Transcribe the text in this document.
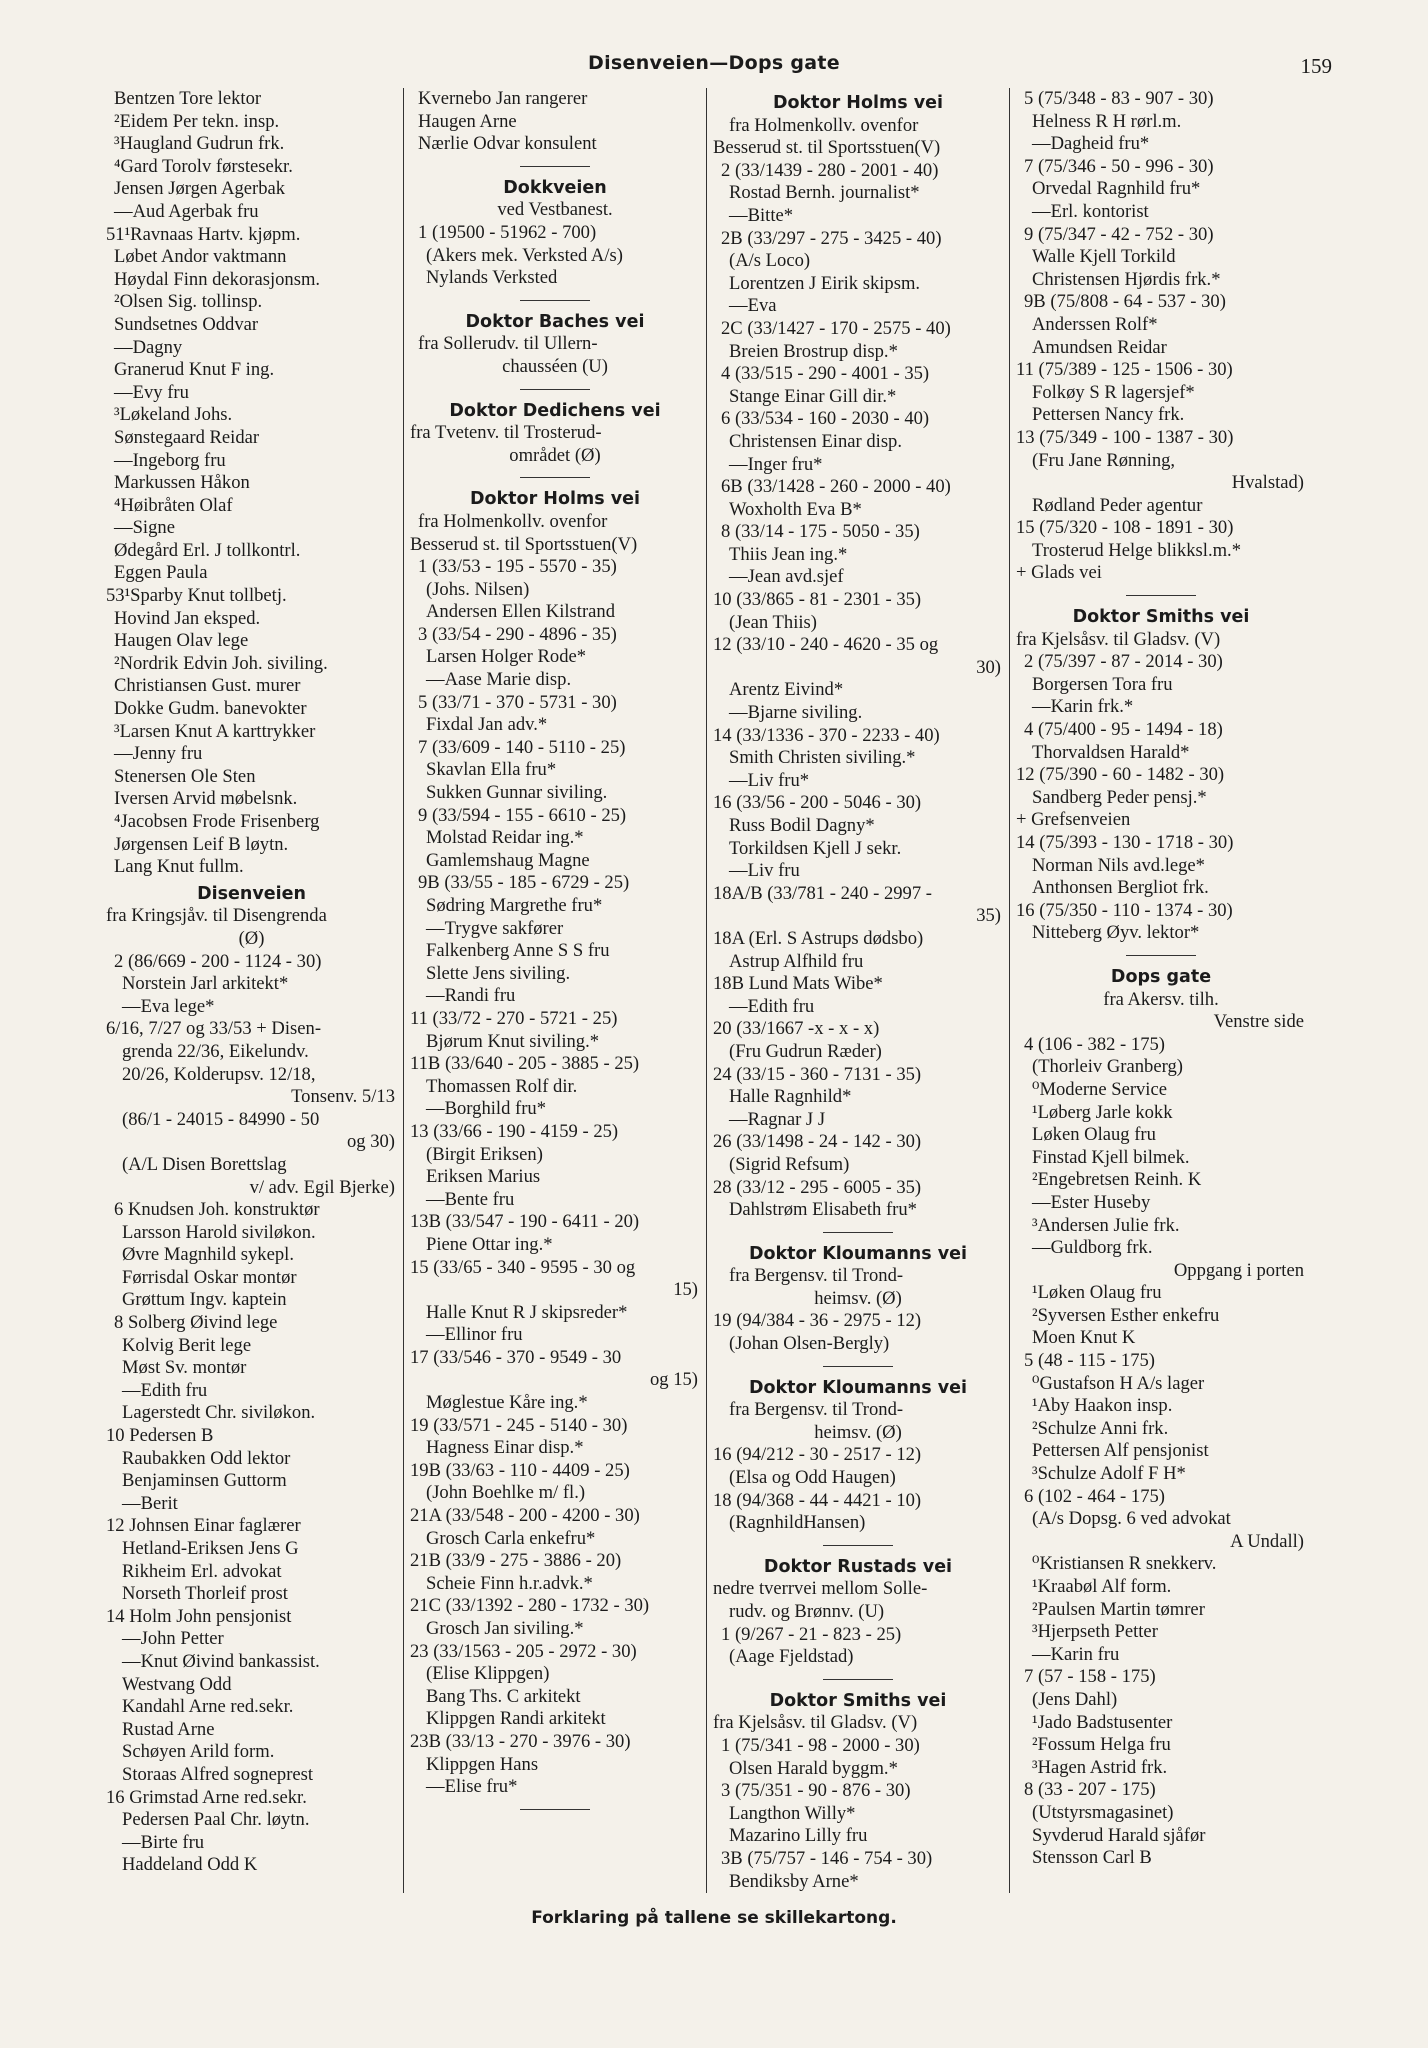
Disenveien—Dops gate	159
Bentzen Tore lektor
²Eidem Per tekn. insp.
³Haugland Gudrun frk.
⁴Gard Torolv førstesekr.
Jensen Jørgen Agerbak
—Aud Agerbak fru
51¹Ravnaas Hartv. kjøpm.
Løbet Andor vaktmann
Høydal Finn dekorasjonsm.
²Olsen Sig. tollinsp.
Sundsetnes Oddvar
—Dagny
Granerud Knut F ing.
—Evy fru
³Løkeland Johs.
Sønstegaard Reidar
—Ingeborg fru
Markussen Håkon
⁴Høibråten Olaf
—Signe
Ødegård Erl. J tollkontrl.
Eggen Paula
53¹Sparby Knut tollbetj.
Hovind Jan eksped.
Haugen Olav lege
²Nordrik Edvin Joh. siviling.
Christiansen Gust. murer
Dokke Gudm. banevokter
³Larsen Knut A karttrykker
—Jenny fru
Stenersen Ole Sten
Iversen Arvid møbelsnk.
⁴Jacobsen Frode Frisenberg
Jørgensen Leif B løytn.
Lang Knut fullm.
Disenveien
fra Kringsjåv. til Disengrenda
(Ø)
2 (86/669 - 200 - 1124 - 30)
Norstein Jarl arkitekt*
—Eva lege*
6/16, 7/27 og 33/53 + Disen-
grenda 22/36, Eikelundv.
20/26, Kolderupsv. 12/18,
Tonsenv. 5/13
(86/1 - 24015 - 84990 - 50
og 30)
(A/L Disen Borettslag
v/ adv. Egil Bjerke)
6 Knudsen Joh. konstruktør
Larsson Harold siviløkon.
Øvre Magnhild sykepl.
Førrisdal Oskar montør
Grøttum Ingv. kaptein
8 Solberg Øivind lege
Kolvig Berit lege
Møst Sv. montør
—Edith fru
Lagerstedt Chr. siviløkon.
10 Pedersen B
Raubakken Odd lektor
Benjaminsen Guttorm
—Berit
12 Johnsen Einar faglærer
Hetland-Eriksen Jens G
Rikheim Erl. advokat
Norseth Thorleif prost
14 Holm John pensjonist
—John Petter
—Knut Øivind bankassist.
Westvang Odd
Kandahl Arne red.sekr.
Rustad Arne
Schøyen Arild form.
Storaas Alfred sogneprest
16 Grimstad Arne red.sekr.
Pedersen Paal Chr. løytn.
—Birte fru
Haddeland Odd K
Kvernebo Jan rangerer
Haugen Arne
Nærlie Odvar konsulent
Dokkveien
ved Vestbanest.
1 (19500 - 51962 - 700)
(Akers mek. Verksted A/s)
Nylands Verksted
Doktor Baches vei
fra Sollerudv. til Ullern-
chausséen (U)
Doktor Dedichens vei
fra Tvetenv. til Trosterud-
området (Ø)
Doktor Holms vei
fra Holmenkollv. ovenfor
Besserud st. til Sportsstuen(V)
1 (33/53 - 195 - 5570 - 35)
(Johs. Nilsen)
Andersen Ellen Kilstrand
3 (33/54 - 290 - 4896 - 35)
Larsen Holger Rode*
—Aase Marie disp.
5 (33/71 - 370 - 5731 - 30)
Fixdal Jan adv.*
7 (33/609 - 140 - 5110 - 25)
Skavlan Ella fru*
Sukken Gunnar siviling.
9 (33/594 - 155 - 6610 - 25)
Molstad Reidar ing.*
Gamlemshaug Magne
9B (33/55 - 185 - 6729 - 25)
Sødring Margrethe fru*
—Trygve sakfører
Falkenberg Anne S S fru
Slette Jens siviling.
—Randi fru
11 (33/72 - 270 - 5721 - 25)
Bjørum Knut siviling.*
11B (33/640 - 205 - 3885 - 25)
Thomassen Rolf dir.
—Borghild fru*
13 (33/66 - 190 - 4159 - 25)
(Birgit Eriksen)
Eriksen Marius
—Bente fru
13B (33/547 - 190 - 6411 - 20)
Piene Ottar ing.*
15 (33/65 - 340 - 9595 - 30 og
15)
Halle Knut R J skipsreder*
—Ellinor fru
17 (33/546 - 370 - 9549 - 30
og 15)
Møglestue Kåre ing.*
19 (33/571 - 245 - 5140 - 30)
Hagness Einar disp.*
19B (33/63 - 110 - 4409 - 25)
(John Boehlke m/ fl.)
21A (33/548 - 200 - 4200 - 30)
Grosch Carla enkefru*
21B (33/9 - 275 - 3886 - 20)
Scheie Finn h.r.advk.*
21C (33/1392 - 280 - 1732 - 30)
Grosch Jan siviling.*
23 (33/1563 - 205 - 2972 - 30)
(Elise Klippgen)
Bang Ths. C arkitekt
Klippgen Randi arkitekt
23B (33/13 - 270 - 3976 - 30)
Klippgen Hans
—Elise fru*
Doktor Holms vei
fra Holmenkollv. ovenfor
Besserud st. til Sportsstuen(V)
2 (33/1439 - 280 - 2001 - 40)
Rostad Bernh. journalist*
—Bitte*
2B (33/297 - 275 - 3425 - 40)
(A/s Loco)
Lorentzen J Eirik skipsm.
—Eva
2C (33/1427 - 170 - 2575 - 40)
Breien Brostrup disp.*
4 (33/515 - 290 - 4001 - 35)
Stange Einar Gill dir.*
6 (33/534 - 160 - 2030 - 40)
Christensen Einar disp.
—Inger fru*
6B (33/1428 - 260 - 2000 - 40)
Woxholth Eva B*
8 (33/14 - 175 - 5050 - 35)
Thiis Jean ing.*
—Jean avd.sjef
10 (33/865 - 81 - 2301 - 35)
(Jean Thiis)
12 (33/10 - 240 - 4620 - 35 og
30)
Arentz Eivind*
—Bjarne siviling.
14 (33/1336 - 370 - 2233 - 40)
Smith Christen siviling.*
—Liv fru*
16 (33/56 - 200 - 5046 - 30)
Russ Bodil Dagny*
Torkildsen Kjell J sekr.
—Liv fru
18A/B (33/781 - 240 - 2997 -
35)
18A (Erl. S Astrups dødsbo)
Astrup Alfhild fru
18B Lund Mats Wibe*
—Edith fru
20 (33/1667 -x - x - x)
(Fru Gudrun Ræder)
24 (33/15 - 360 - 7131 - 35)
Halle Ragnhild*
—Ragnar J J
26 (33/1498 - 24 - 142 - 30)
(Sigrid Refsum)
28 (33/12 - 295 - 6005 - 35)
Dahlstrøm Elisabeth fru*
Doktor Kloumanns vei
fra Bergensv. til Trond-
heimsv. (Ø)
19 (94/384 - 36 - 2975 - 12)
(Johan Olsen-Bergly)
Doktor Kloumanns vei
fra Bergensv. til Trond-
heimsv. (Ø)
16 (94/212 - 30 - 2517 - 12)
(Elsa og Odd Haugen)
18 (94/368 - 44 - 4421 - 10)
(RagnhildHansen)
Doktor Rustads vei
nedre tverrvei mellom Solle-
rudv. og Brønnv. (U)
1 (9/267 - 21 - 823 - 25)
(Aage Fjeldstad)
Doktor Smiths vei
fra Kjelsåsv. til Gladsv. (V)
1 (75/341 - 98 - 2000 - 30)
Olsen Harald byggm.*
3 (75/351 - 90 - 876 - 30)
Langthon Willy*
Mazarino Lilly fru
3B (75/757 - 146 - 754 - 30)
Bendiksby Arne*
5 (75/348 - 83 - 907 - 30)
Helness R H rørl.m.
—Dagheid fru*
7 (75/346 - 50 - 996 - 30)
Orvedal Ragnhild fru*
—Erl. kontorist
9 (75/347 - 42 - 752 - 30)
Walle Kjell Torkild
Christensen Hjørdis frk.*
9B (75/808 - 64 - 537 - 30)
Anderssen Rolf*
Amundsen Reidar
11 (75/389 - 125 - 1506 - 30)
Folkøy S R lagersjef*
Pettersen Nancy frk.
13 (75/349 - 100 - 1387 - 30)
(Fru Jane Rønning,
Hvalstad)
Rødland Peder agentur
15 (75/320 - 108 - 1891 - 30)
Trosterud Helge blikksl.m.*
+ Glads vei
Doktor Smiths vei
fra Kjelsåsv. til Gladsv. (V)
2 (75/397 - 87 - 2014 - 30)
Borgersen Tora fru
—Karin frk.*
4 (75/400 - 95 - 1494 - 18)
Thorvaldsen Harald*
12 (75/390 - 60 - 1482 - 30)
Sandberg Peder pensj.*
+ Grefsenveien
14 (75/393 - 130 - 1718 - 30)
Norman Nils avd.lege*
Anthonsen Bergliot frk.
16 (75/350 - 110 - 1374 - 30)
Nitteberg Øyv. lektor*
Dops gate
fra Akersv. tilh.
Venstre side
4 (106 - 382 - 175)
(Thorleiv Granberg)
⁰Moderne Service
¹Løberg Jarle kokk
Løken Olaug fru
Finstad Kjell bilmek.
²Engebretsen Reinh. K
—Ester Huseby
³Andersen Julie frk.
—Guldborg frk.
Oppgang i porten
¹Løken Olaug fru
²Syversen Esther enkefru
Moen Knut K
5 (48 - 115 - 175)
⁰Gustafson H A/s lager
¹Aby Haakon insp.
²Schulze Anni frk.
Pettersen Alf pensjonist
³Schulze Adolf F H*
6 (102 - 464 - 175)
(A/s Dopsg. 6 ved advokat
A Undall)
⁰Kristiansen R snekkerv.
¹Kraabøl Alf form.
²Paulsen Martin tømrer
³Hjerpseth Petter
—Karin fru
7 (57 - 158 - 175)
(Jens Dahl)
¹Jado Badstusenter
²Fossum Helga fru
³Hagen Astrid frk.
8 (33 - 207 - 175)
(Utstyrsmagasinet)
Syvderud Harald sjåfør
Stensson Carl B
Forklaring på tallene se skillekartong.
